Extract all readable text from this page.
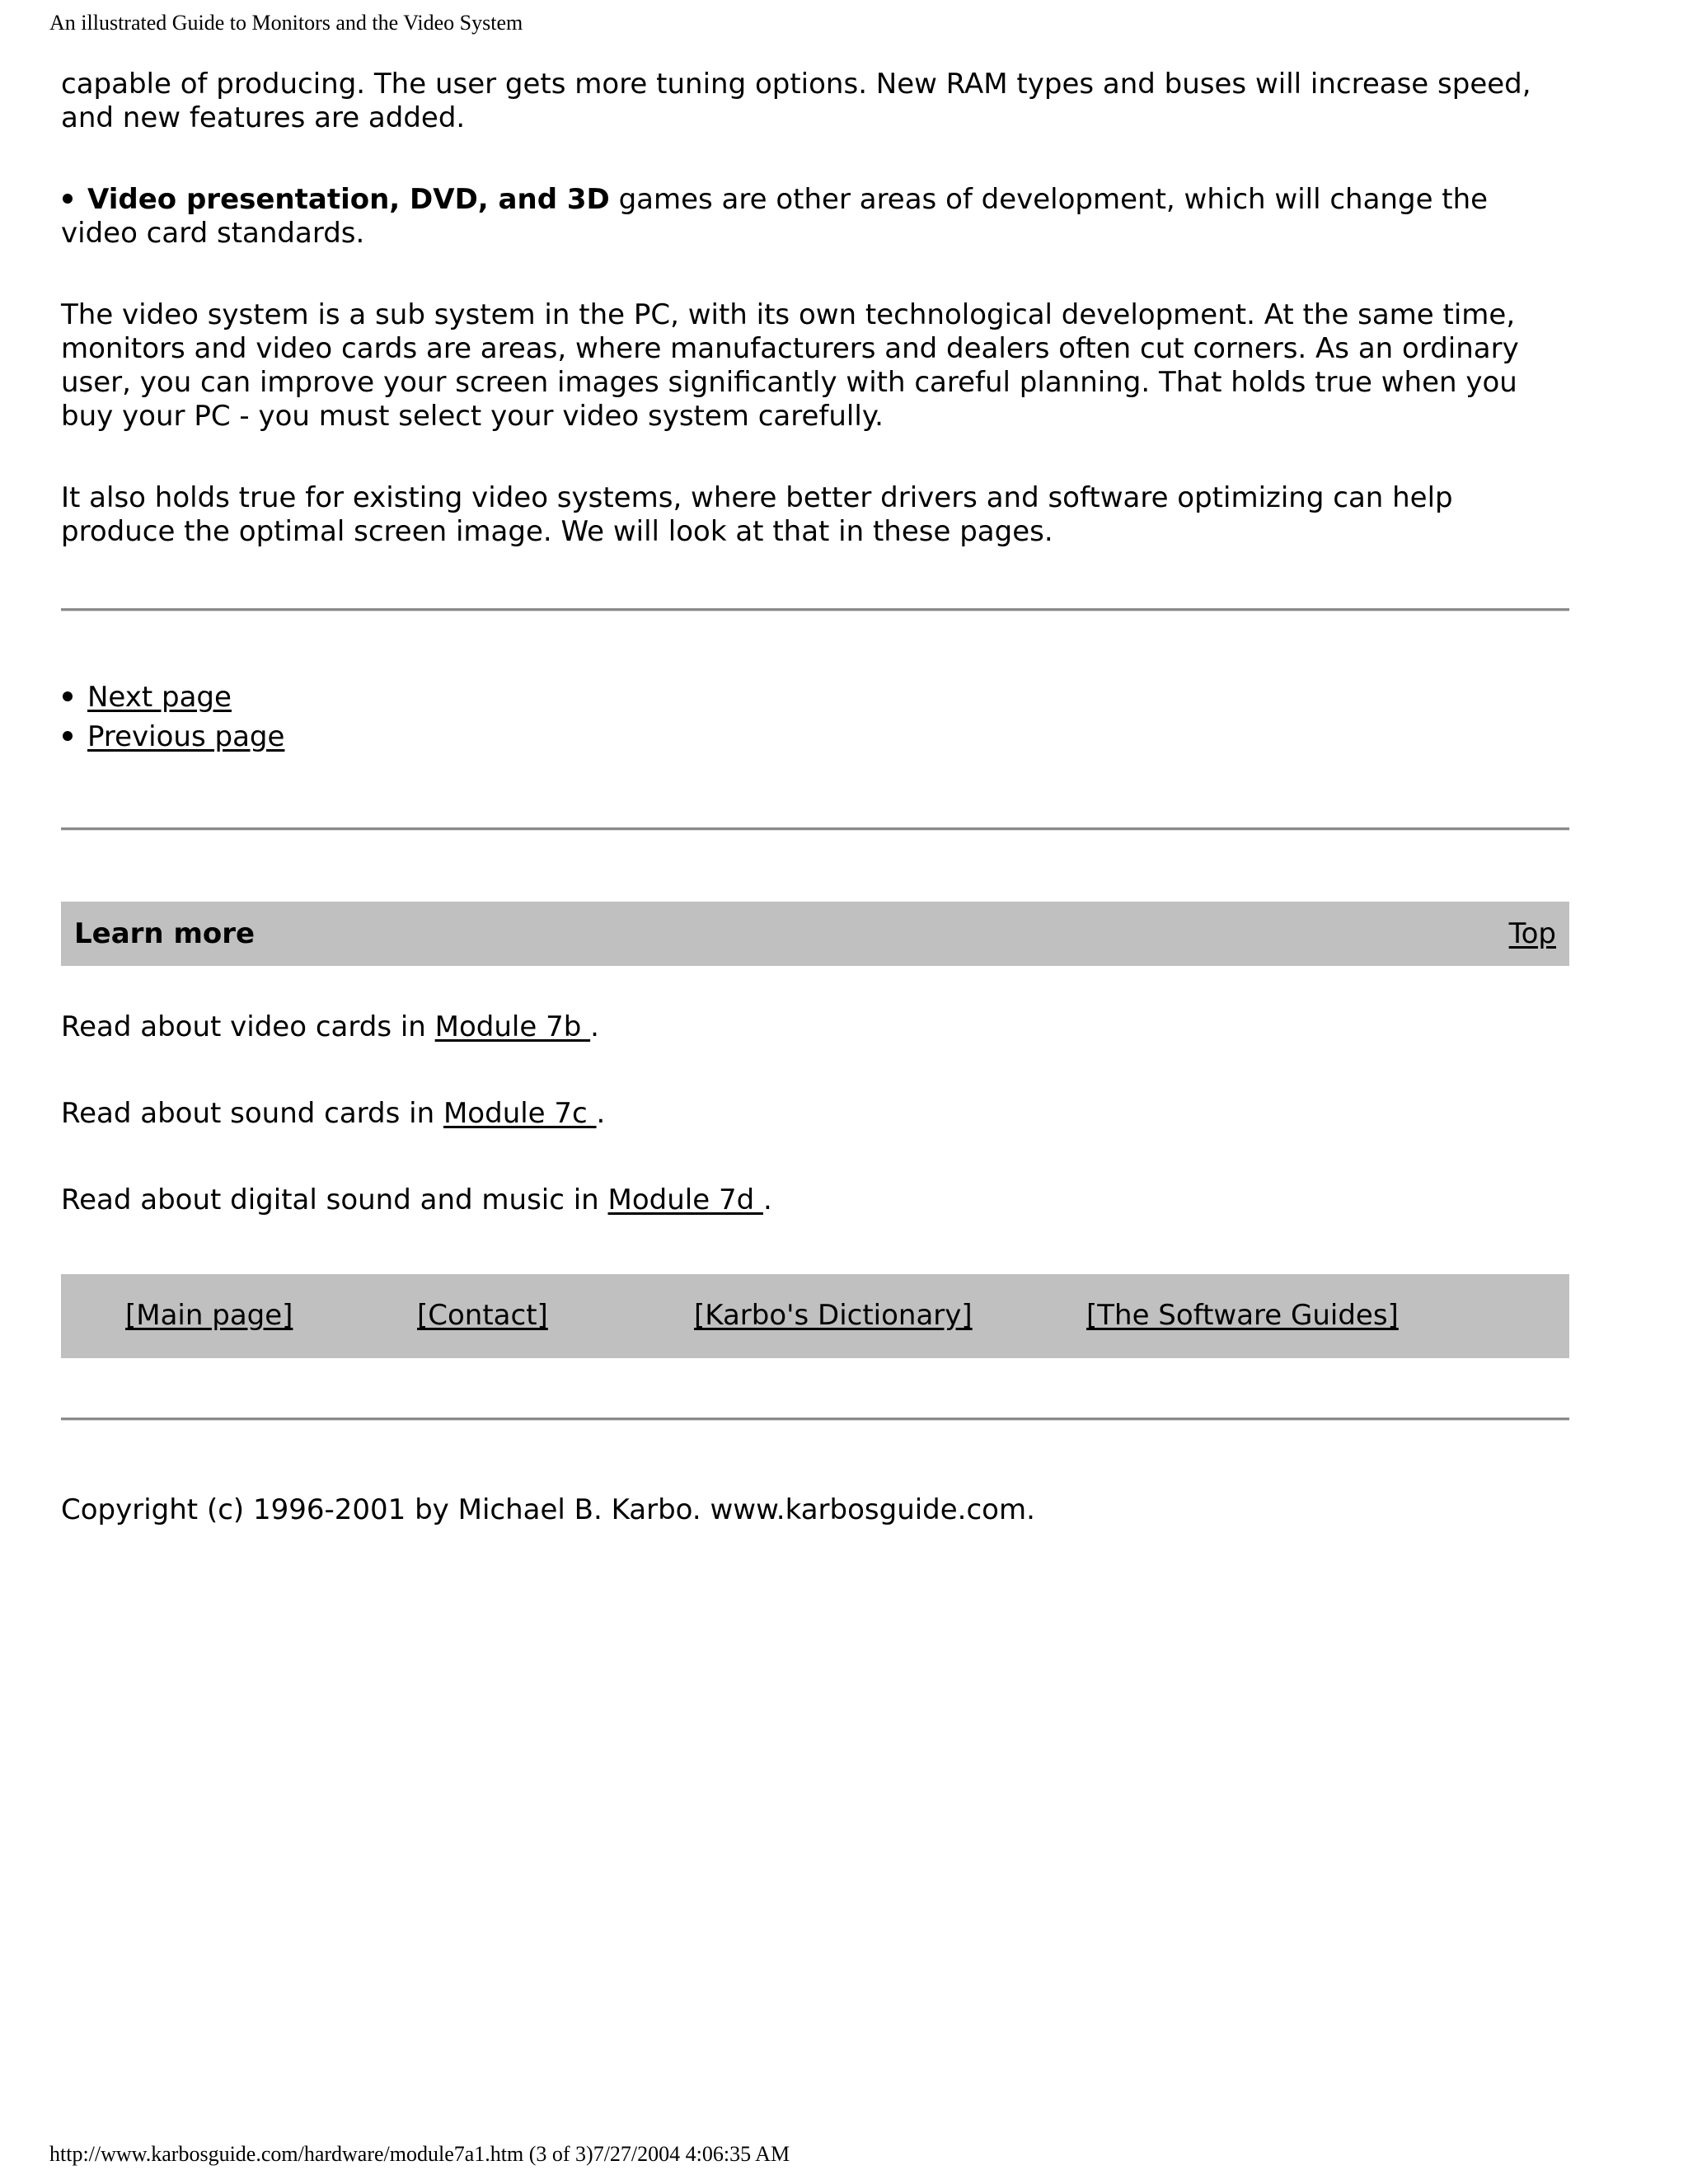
An illustrated Guide to Monitors and the Video System

capable of producing. The user gets more tuning options. New RAM types and buses will increase speed,
and new features are added.

Video presentation, DVD, and 3D games are other areas of development, which will change the
video card standards.

The video system is a sub system in the PC, with its own technological development. At the same time,
monitors and video cards are areas, where manufacturers and dealers often cut corners. As an ordinary
user, you can improve your screen images significantly with careful planning. That holds true when you
buy your PC - you must select your video system carefully.

It also holds true for existing video systems, where better drivers and software optimizing can help
produce the optimal screen image. We will look at that in these pages.

Next page
Previous page
Learn more	Top

Read about video cards in Module 7b .

Read about sound cards in Module 7c .

Read about digital sound and music in Module 7d .

[Main page]	[Contact]	[Karbo's Dictionary]	[The Software Guides]

Copyright (c) 1996-2001 by Michael B. Karbo. www.karbosguide.com.

http://www.karbosguide.com/hardware/module7a1.htm (3 of 3)7/27/2004 4:06:35 AM
